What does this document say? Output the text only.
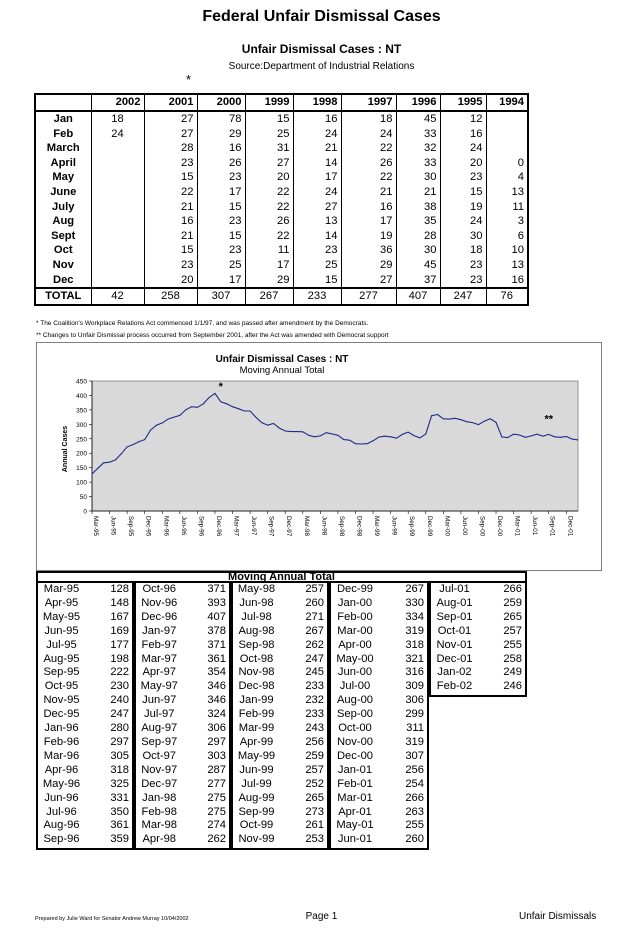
Federal Unfair Dismissal Cases
Unfair Dismissal Cases : NT
Source:Department of Industrial Relations
*
	2002	2001	2000	1999	1998	1997	1996	1995	1994
Jan	18	27	78	15	16	18	45	12	
Feb	24	27	29	25	24	24	33	16	
March		28	16	31	21	22	32	24	
April		23	26	27	14	26	33	20	0
May		15	23	20	17	22	30	23	4
June		22	17	22	24	21	21	15	13
July		21	15	22	27	16	38	19	11
Aug		16	23	26	13	17	35	24	3
Sept		21	15	22	14	19	28	30	6
Oct		15	23	11	23	36	30	18	10
Nov		23	25	17	25	29	45	23	13
Dec		20	17	29	15	27	37	23	16
TOTAL	42	258	307	267	233	277	407	247	76
* The Coalition's Workplace Relations Act commenced 1/1/97, and was passed after amendment by the Democrats.
** Changes to Unfair Dismissal process occurred from September 2001, after the Act was amended with Democrat support
Unfair Dismissal Cases : NT
Moving Annual Total
Annual Cases
0
50
100
150
200
250
300
350
400
450
Mar-95 Jun-95 Sep-95 Dec-95 Mar-96 Jun-96 Sep-96 Dec-96 Mar-97 Jun-97 Sep-97 Dec-97 Mar-98 Jun-98 Sep-98 Dec-98 Mar-99 Jun-99 Sep-99 Dec-99 Mar-00 Jun-00 Sep-00 Dec-00 Mar-01 Jun-01 Sep-01 Dec-01
*
**
Moving Annual Total
Mar-95	128
Apr-95	148
May-95	167
Jun-95	169
Jul-95	177
Aug-95	198
Sep-95	222
Oct-95	230
Nov-95	240
Dec-95	247
Jan-96	280
Feb-96	297
Mar-96	305
Apr-96	318
May-96	325
Jun-96	331
Jul-96	350
Aug-96	361
Sep-96	359
Oct-96	371
Nov-96	393
Dec-96	407
Jan-97	378
Feb-97	371
Mar-97	361
Apr-97	354
May-97	346
Jun-97	346
Jul-97	324
Aug-97	306
Sep-97	297
Oct-97	303
Nov-97	287
Dec-97	277
Jan-98	275
Feb-98	275
Mar-98	274
Apr-98	262
May-98	257
Jun-98	260
Jul-98	271
Aug-98	267
Sep-98	262
Oct-98	247
Nov-98	245
Dec-98	233
Jan-99	232
Feb-99	233
Mar-99	243
Apr-99	256
May-99	259
Jun-99	257
Jul-99	252
Aug-99	265
Sep-99	273
Oct-99	261
Nov-99	253
Dec-99	267
Jan-00	330
Feb-00	334
Mar-00	319
Apr-00	318
May-00	321
Jun-00	316
Jul-00	309
Aug-00	306
Sep-00	299
Oct-00	311
Nov-00	319
Dec-00	307
Jan-01	256
Feb-01	254
Mar-01	266
Apr-01	263
May-01	255
Jun-01	260
Jul-01	266
Aug-01	259
Sep-01	265
Oct-01	257
Nov-01	255
Dec-01	258
Jan-02	249
Feb-02	246
Prepared by Julie Ward for Senator Andrew Murray 10/04/2002	Page 1	Unfair Dismissals
